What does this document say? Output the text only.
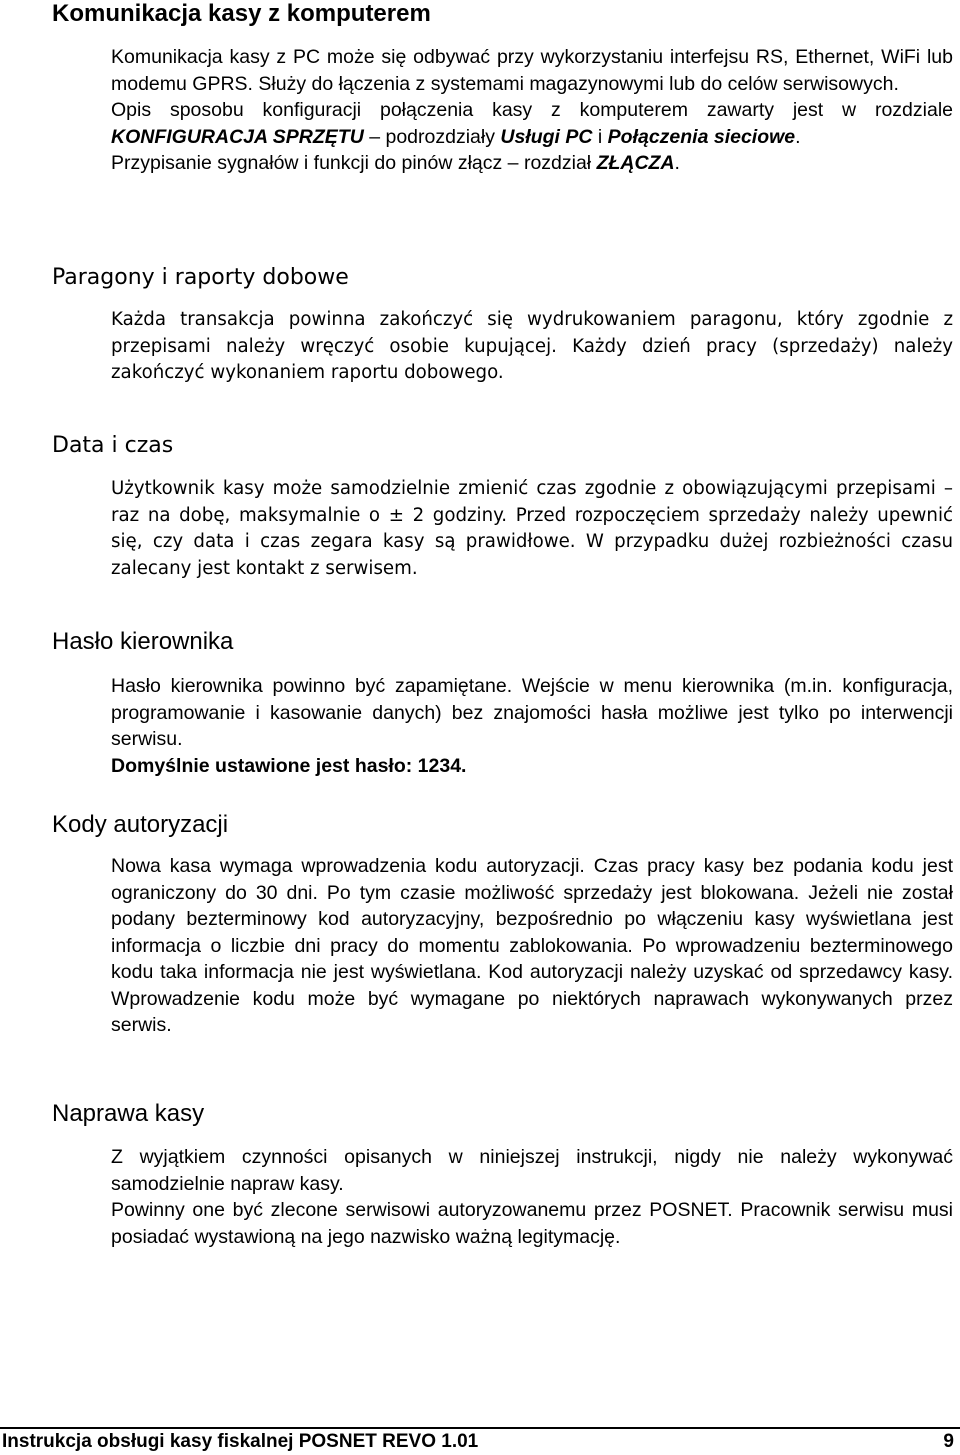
Komunikacja kasy z komputerem

Komunikacja kasy z PC może się odbywać przy wykorzystaniu interfejsu RS, Ethernet, WiFi lub modemu GPRS. Służy do łączenia z systemami magazynowymi lub do celów serwisowych.

Opis sposobu konfiguracji połączenia kasy z komputerem zawarty jest w rozdziale KONFIGURACJA SPRZĘTU – podrozdziały Usługi PC i Połączenia sieciowe.

Przypisanie sygnałów i funkcji do pinów złącz – rozdział ZŁĄCZA.

Paragony i raporty dobowe

Każda transakcja powinna zakończyć się wydrukowaniem paragonu, który zgodnie z przepisami należy wręczyć osobie kupującej. Każdy dzień pracy (sprzedaży) należy zakończyć wykonaniem raportu dobowego.

Data i czas

Użytkownik kasy może samodzielnie zmienić czas zgodnie z obowiązującymi przepisami – raz na dobę, maksymalnie o ± 2 godziny. Przed rozpoczęciem sprzedaży należy upewnić się, czy data i czas zegara kasy są prawidłowe. W przypadku dużej rozbieżności czasu zalecany jest kontakt z serwisem.

Hasło kierownika

Hasło kierownika powinno być zapamiętane. Wejście w menu kierownika (m.in. konfiguracja, programowanie i kasowanie danych) bez znajomości hasła możliwe jest tylko po interwencji serwisu.

Domyślnie ustawione jest hasło: 1234.

Kody autoryzacji

Nowa kasa wymaga wprowadzenia kodu autoryzacji. Czas pracy kasy bez podania kodu jest ograniczony do 30 dni. Po tym czasie możliwość sprzedaży jest blokowana. Jeżeli nie został podany bezterminowy kod autoryzacyjny, bezpośrednio po włączeniu kasy wyświetlana jest informacja o liczbie dni pracy do momentu zablokowania. Po wprowadzeniu bezterminowego kodu taka informacja nie jest wyświetlana. Kod autoryzacji należy uzyskać od sprzedawcy kasy. Wprowadzenie kodu może być wymagane po niektórych naprawach wykonywanych przez serwis.

Naprawa kasy

Z wyjątkiem czynności opisanych w niniejszej instrukcji, nigdy nie należy wykonywać samodzielnie napraw kasy.

Powinny one być zlecone serwisowi autoryzowanemu przez POSNET. Pracownik serwisu musi posiadać wystawioną na jego nazwisko ważną legitymację.

Instrukcja obsługi kasy fiskalnej POSNET REVO 1.01	9
